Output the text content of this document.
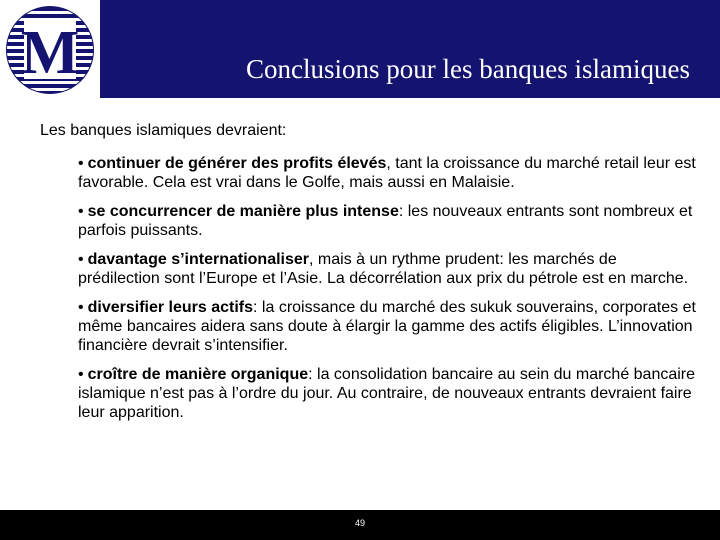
M	Conclusions pour les banques islamiques

Les banques islamiques devraient:

• continuer de générer des profits élevés, tant la croissance du marché retail leur est favorable. Cela est vrai dans le Golfe, mais aussi en Malaisie.
• se concurrencer de manière plus intense: les nouveaux entrants sont nombreux et parfois puissants.
• davantage s’internationaliser, mais à un rythme prudent: les marchés de prédilection sont l’Europe et l’Asie. La décorrélation aux prix du pétrole est en marche.
• diversifier leurs actifs: la croissance du marché des sukuk souverains, corporates et même bancaires aidera sans doute à élargir la gamme des actifs éligibles. L’innovation financière devrait s’intensifier.
• croître de manière organique: la consolidation bancaire au sein du marché bancaire islamique n’est pas à l’ordre du jour. Au contraire, de nouveaux entrants devraient faire leur apparition.
49
